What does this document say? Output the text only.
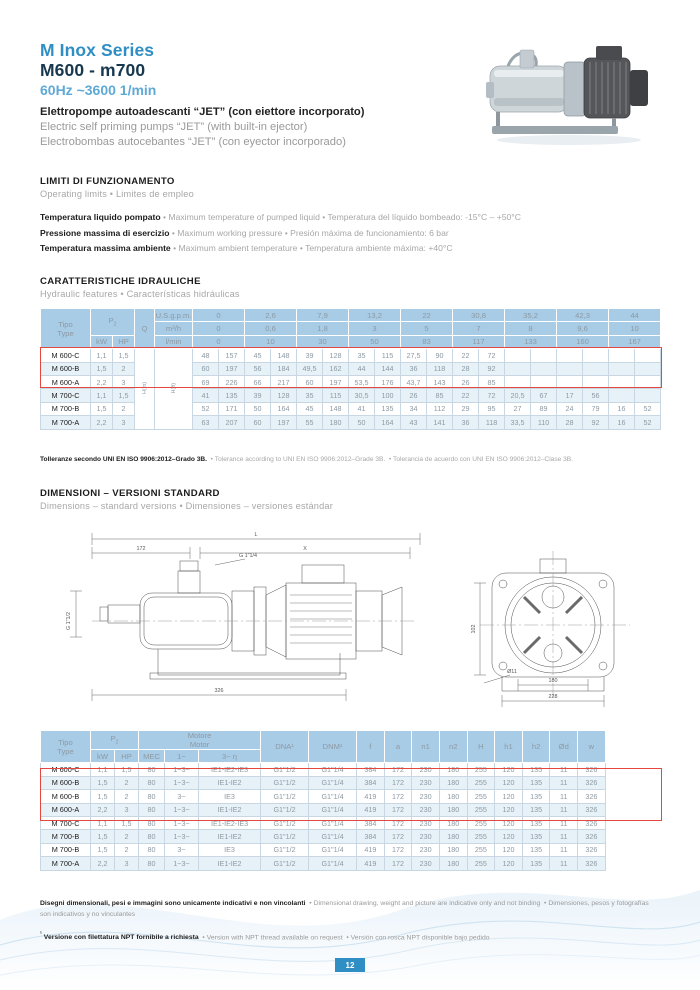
M Inox Series
M600 - m700
60Hz ~3600 1/min
Elettropompe autoadescanti “JET” (con eiettore incorporato)
Electric self priming pumps “JET” (with built-in ejector)
Electrobombas autocebantes “JET” (con eyector incorporado)
LIMITI DI FUNZIONAMENTO
Operating limits • Limites de empleo
Temperatura liquido pompato • Maximum temperature of pumped liquid • Temperatura del líquido bombeado: -15°C – +50°C
Pressione massima di esercizio • Maximum working pressure • Presión máxima de funcionamiento: 6 bar
Temperatura massima ambiente • Maximum ambient temperature • Temperatura ambiente máxima: +40°C
CARATTERISTICHE IDRAULICHE
Hydraulic features • Características hidráulicas
Tipo
Type	$P_2$		Q	U.S.g.p.m.	0		2,6		7,9		13,2		22		30,8		35,2		42,3		44	
				m³/h	0		0,6		1,8		3		5		7		8		9,6		10	
	kW	HP		l/min	0		10		30		50		83		117		133		160		167	
M 600-C	1,1	1,5	H(m)	H(ft)	48	157	45	148	39	128	35	115	27,5	90	22	72						
M 600-B	1,5	2			60	197	56	184	49,5	162	44	144	36	118	28	92						
M 600-A	2,2	3			69	226	66	217	60	197	53,5	176	43,7	143	26	85						
M 700-C	1,1	1,5			41	135	39	128	35	115	30,5	100	26	85	22	72	20,5	67	17	56		
M 700-B	1,5	2			52	171	50	164	45	148	41	135	34	112	29	95	27	89	24	79	16	52
M 700-A	2,2	3			63	207	60	197	55	180	50	164	43	141	36	118	33,5	110	28	92	16	52
Tolleranze secondo UNI EN ISO 9906:2012–Grado 3B.  • Tolerance according to UNI EN ISO 9906:2012–Grade 3B.  • Tolerancia de acuerdo con UNI EN ISO 9906:2012–Clase 3B.
DIMENSIONI – VERSIONI STANDARD
Dimensions – standard versions • Dimensiones – versiones estándar
L
172	X
326
228
180
G 1"1/4
Ø11
G 1"1/2	102
Tipo
Type
	$P_2$	
Motore
Motor	DNA¹	DNM¹	f	a	n1	n2	H	h1	h2	Ød	w
	kW	HP	MEC	1~	3~ η											
M 600-C	1,1	1,5	80	1~3~	IE1-IE2-IE3	G1"1/2	G1"1/4	384	172	230	180	255	120	135	11	326
M 600-B	1,5	2	80	1~3~	IE1-IE2	G1"1/2	G1"1/4	384	172	230	180	255	120	135	11	326
M 600-B	1,5	2	80	3~	IE3	G1"1/2	G1"1/4	419	172	230	180	255	120	135	11	326
M 600-A	2,2	3	80	1~3~	IE1-IE2	G1"1/2	G1"1/4	419	172	230	180	255	120	135	11	326
M 700-C	1,1	1,5	80	1~3~	IE1-IE2-IE3	G1"1/2	G1"1/4	384	172	230	180	255	120	135	11	326
M 700-B	1,5	2	80	1~3~	IE1-IE2	G1"1/2	G1"1/4	384	172	230	180	255	120	135	11	326
M 700-B	1,5	2	80	3~	IE3	G1"1/2	G1"1/4	419	172	230	180	255	120	135	11	326
M 700-A	2,2	3	80	1~3~	IE1-IE2	G1"1/2	G1"1/4	419	172	230	180	255	120	135	11	326
Disegni dimensionali, pesi e immagini sono unicamente indicativi e non vincolanti  • Dimensional drawing, weight and picture are indicative only and not binding  • Dimensiones, pesos y fotografías son indicativos y no vinculantes
$^{^1}$ Versione con filettatura NPT fornibile a richiesta  • Version with NPT thread available on request  • Versión con rosca NPT disponible bajo pedido
12
